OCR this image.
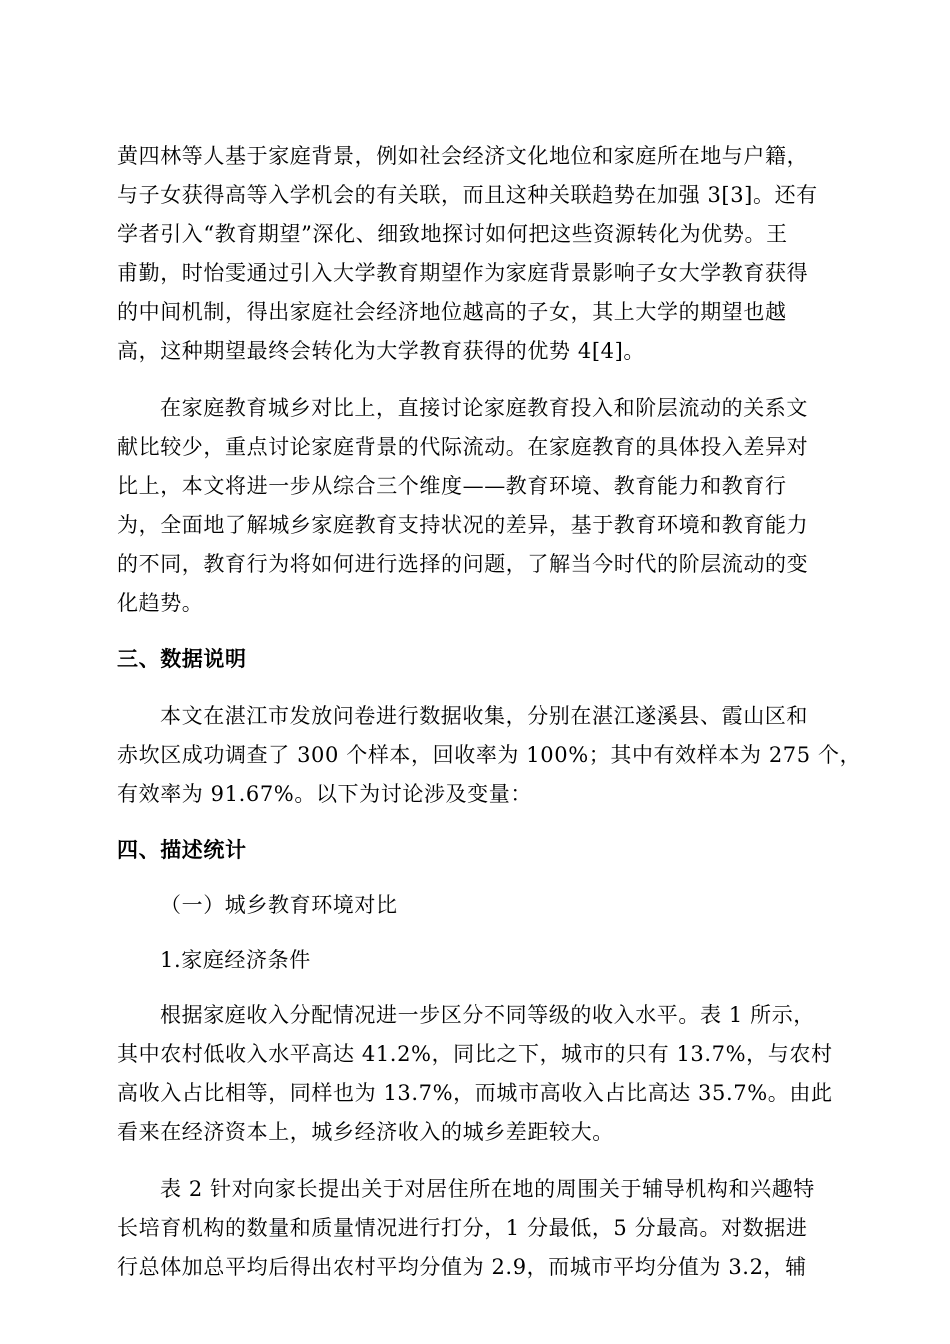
黄四林等人基于家庭背景，例如社会经济文化地位和家庭所在地与户籍，
与子女获得高等入学机会的有关联，而且这种关联趋势在加强 3[3]。还有
学者引入“教育期望”深化、细致地探讨如何把这些资源转化为优势。王
甫勤，时怡雯通过引入大学教育期望作为家庭背景影响子女大学教育获得
的中间机制，得出家庭社会经济地位越高的子女，其上大学的期望也越
高，这种期望最终会转化为大学教育获得的优势 4[4]。
在家庭教育城乡对比上，直接讨论家庭教育投入和阶层流动的关系文
献比较少，重点讨论家庭背景的代际流动。在家庭教育的具体投入差异对
比上，本文将进一步从综合三个维度——教育环境、教育能力和教育行
为，全面地了解城乡家庭教育支持状况的差异，基于教育环境和教育能力
的不同，教育行为将如何进行选择的问题，了解当今时代的阶层流动的变
化趋势。
三、数据说明
本文在湛江市发放问卷进行数据收集，分别在湛江遂溪县、霞山区和
赤坎区成功调查了 300 个样本，回收率为 100%；其中有效样本为 275 个，
有效率为 91.67%。以下为讨论涉及变量：
四、描述统计
（一）城乡教育环境对比
1.家庭经济条件
根据家庭收入分配情况进一步区分不同等级的收入水平。表 1 所示，
其中农村低收入水平高达 41.2%，同比之下，城市的只有 13.7%，与农村
高收入占比相等，同样也为 13.7%，而城市高收入占比高达 35.7%。由此
看来在经济资本上，城乡经济收入的城乡差距较大。
表 2 针对向家长提出关于对居住所在地的周围关于辅导机构和兴趣特
长培育机构的数量和质量情况进行打分，1 分最低，5 分最高。对数据进
行总体加总平均后得出农村平均分值为 2.9，而城市平均分值为 3.2，辅
